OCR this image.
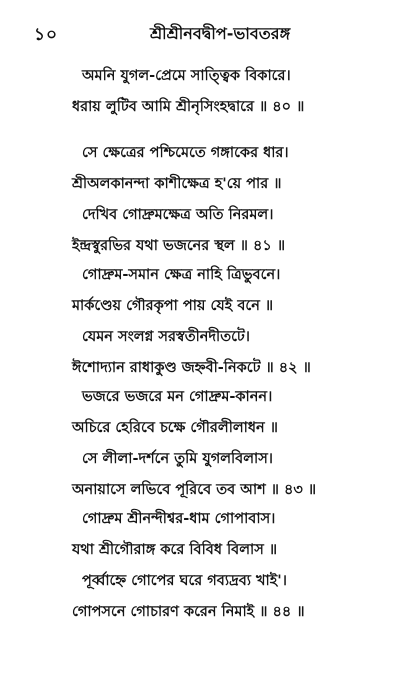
১০	শ্রীশ্রীনবদ্বীপ-ভাবতরঙ্গ
অমনি যুগল-প্রেমে সাত্ত্বিক বিকারে।
ধরায় লুটিব আমি শ্রীনৃসিংহদ্বারে ॥ ৪০ ॥
সে ক্ষেত্রের পশ্চিমেতে গঙ্গাকের ধার।
শ্রীঅলকানন্দা কাশীক্ষেত্র হ'য়ে পার ॥
দেখিব গোদ্রুমক্ষেত্র অতি নিরমল।
ইন্দ্রস্বুরভির যথা ভজনের স্থল ॥ ৪১ ॥
গোদ্রুম-সমান ক্ষেত্র নাহি ত্রিভুবনে।
মার্কণ্ডেয় গৌরকৃপা পায় যেই বনে ॥
যেমন সংলগ্ন সরস্বতীনদীতটে।
ঈশোদ্যান রাধাকুণ্ড জহ্নবী-নিকটে ॥ ৪২ ॥
ভজরে ভজরে মন গোদ্রুম-কানন।
অচিরে হেরিবে চক্ষে গৌরলীলাধন ॥
সে লীলা-দর্শনে তুমি যুগলবিলাস।
অনায়াসে লভিবে পূরিবে তব আশ ॥ ৪৩ ॥
গোদ্রুম শ্রীনন্দীশ্বর-ধাম গোপাবাস।
যথা শ্রীগৌরাঙ্গ করে বিবিধ বিলাস ॥
পূর্ব্বাহ্নে গোপের ঘরে গব্যদ্রব্য খাই'।
গোপসনে গোচারণ করেন নিমাই ॥ ৪৪ ॥
